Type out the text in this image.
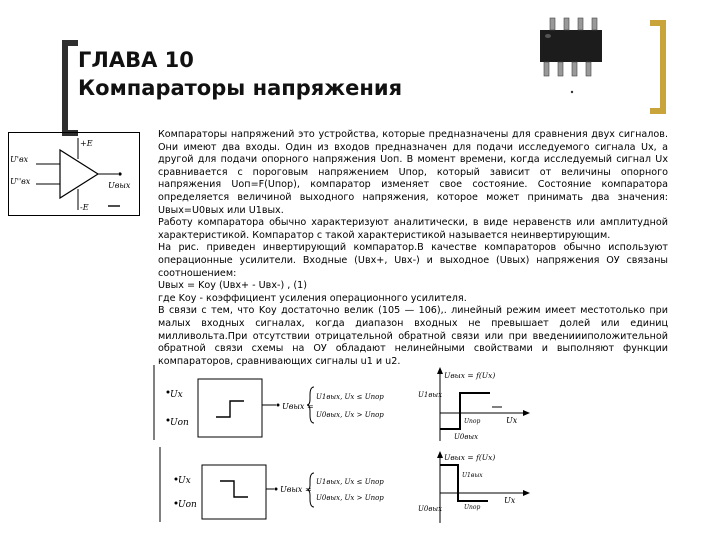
ГЛАВА 10
Компараторы напряжения
+E
-E
U'вх
U''вх	Uвых

Компараторы напряжений это устройства, которые предназначены для сравнения двух сигналов. Они имеют два входы. Один из входов предназначен для подачи исследуемого сигнала Ux, а другой для подачи опорного напряжения Uоп. В момент времени, когда исследуемый сигнал Ux сравнивается с пороговым напряжением Uпор, который зависит от величины опорного напряжения Uоп=F(Uпор), компаратор изменяет свое состояние. Состояние компаратора определяется величиной выходного напряжения, которое может принимать два значения: Uвых=U0вых или U1вых.

Работу компаратора обычно характеризуют аналитически, в виде неравенств или амплитудной характеристикой. Компаратор с такой характеристикой называется неинвертирующим.

На рис. приведен инвертирующий компаратор.В качестве компараторов обычно используют операционные усилители. Входные (Uвх+, Uвх-) и выходное (Uвых) напряжения ОУ связаны соотношением:

Uвых = Kоу (Uвх+ - Uвх-) , (1)

где Kоу - коэффициент усиления операционного усилителя.

В связи с тем, что Kоу достаточно велик (105 — 106),. линейный режим имеет местотолько при малых входных сигналах, когда диапазон входных не превышает долей или единиц милливольта.При отсутствии отрицательной обратной связи или при введениииположительной обратной связи схемы на ОУ обладают нелинейными свойствами и выполняют функции компараторов, сравнивающих сигналы u1 и u2.

Ux
Uоп
Uвых =
U1вых, Ux ≤ Uпор
U0вых, Ux > Uпор
Uвых = f(Ux)
U1вых
U0вых
Uпор	Ux
Ux
Uоп
Uвых =
U1вых, Ux ≤ Uпор
U0вых, Ux > Uпор
Uвых = f(Ux)
U1вых
U0вых	Uпор
Ux
